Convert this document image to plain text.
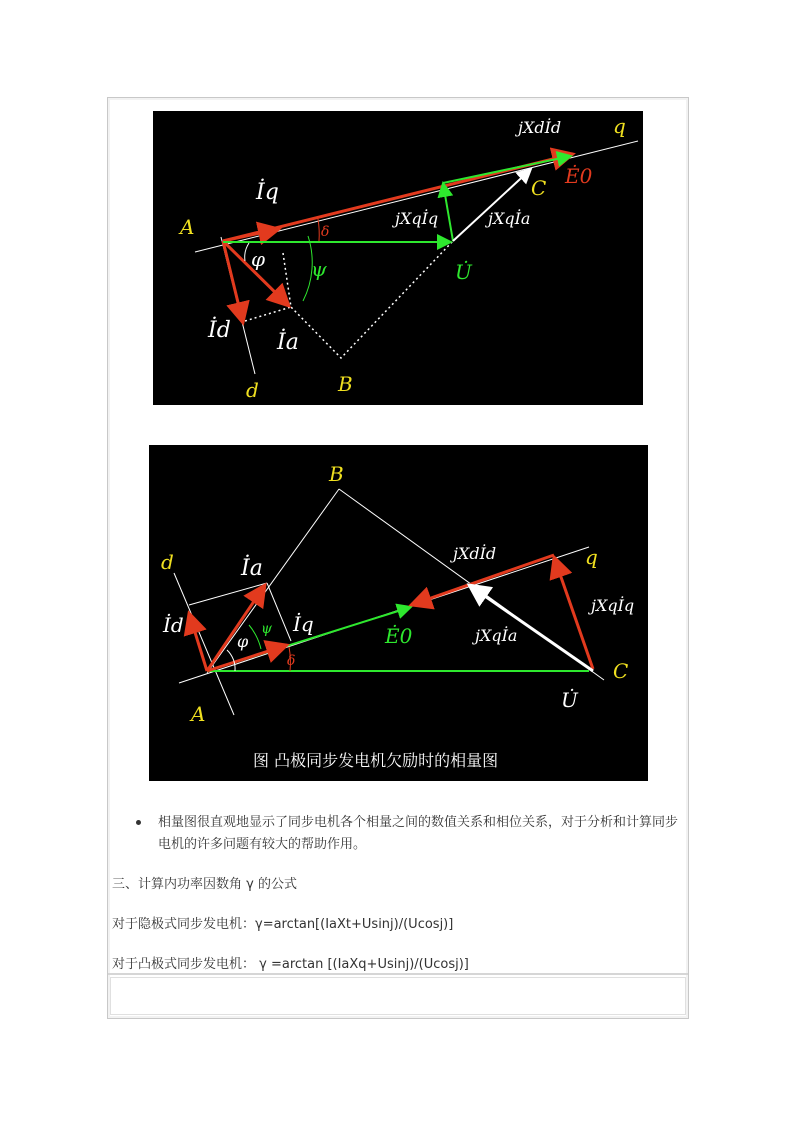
A
B
C
d
q
İq
İd İa
U̇
Ė0
jXdİd
jXqİq	jXqİa
φ ψ
δ
A
B
C
d	q
İq
İd
İa
U̇
Ė0
jXdİd
jXqİq
jXqİa
φ
ψ
δ
图 凸极同步发电机欠励时的相量图
相量图很直观地显示了同步电机各个相量之间的数值关系和相位关系，对于分析和计算同步电机的许多问题有较大的帮助作用。
三、计算内功率因数角 γ 的公式
对于隐极式同步发电机：γ=arctan[(IaXt+Usinj)/(Ucosj)]
对于凸极式同步发电机： γ =arctan [(IaXq+Usinj)/(Ucosj)]
